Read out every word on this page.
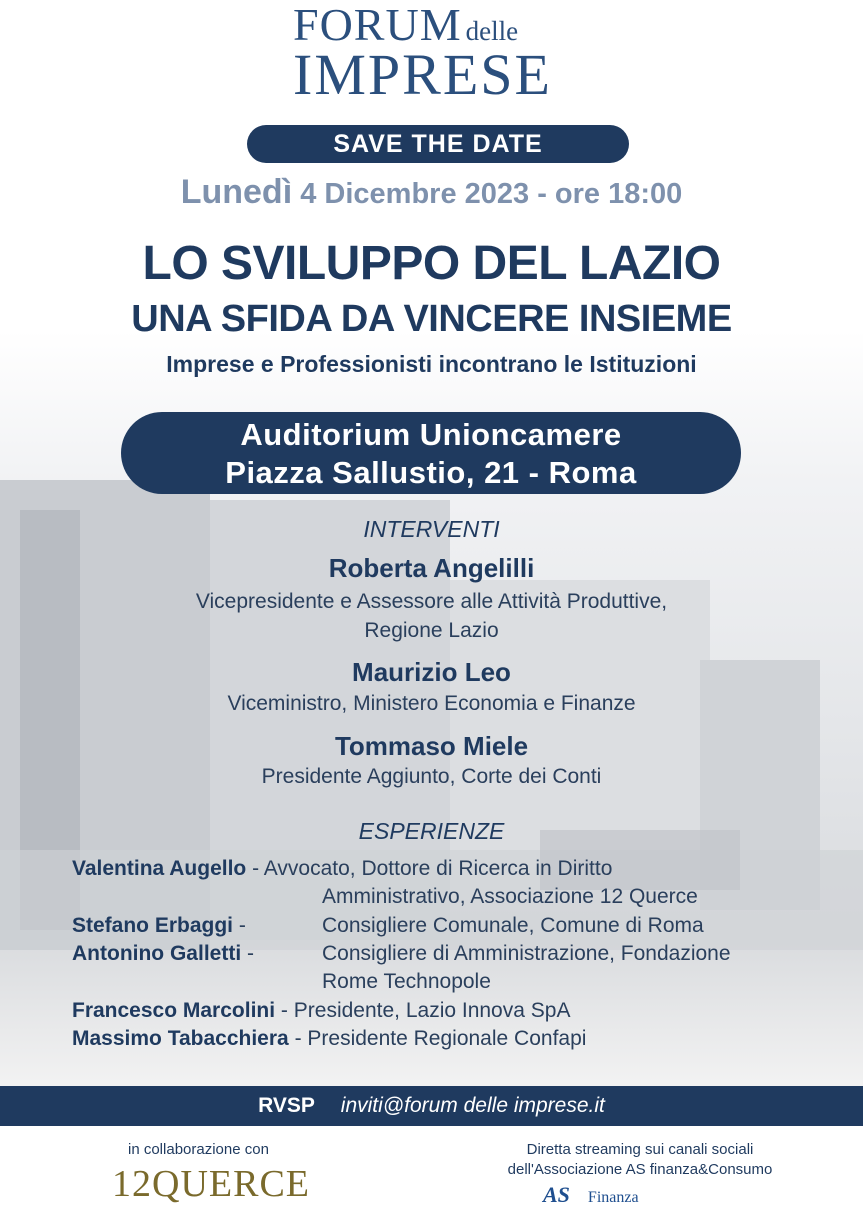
FORUM delle
IMPRESE
SAVE THE DATE
Lunedì 4 Dicembre 2023 - ore 18:00
LO SVILUPPO DEL LAZIO
UNA SFIDA DA VINCERE INSIEME
Imprese e Professionisti incontrano le Istituzioni
Auditorium Unioncamere
Piazza Sallustio, 21 - Roma
INTERVENTI
Roberta Angelilli
Vicepresidente e Assessore alle Attività Produttive,
Regione Lazio
Maurizio Leo
Viceministro, Ministero Economia e Finanze
Tommaso Miele
Presidente Aggiunto, Corte dei Conti
ESPERIENZE
Valentina Augello - Avvocato, Dottore di Ricerca in Diritto
Amministrativo, Associazione 12 Querce
Stefano Erbaggi -	Consigliere Comunale, Comune di Roma
Antonino Galletti -	Consigliere di Amministrazione, Fondazione
Rome Technopole
Francesco Marcolini - Presidente, Lazio Innova SpA
Massimo Tabacchiera - Presidente Regionale Confapi
RVSP inviti@forum delle imprese.it
in collaborazione con
12QUERCE
Diretta streaming sui canali sociali
dell'Associazione AS finanza&Consumo
AS Finanza
